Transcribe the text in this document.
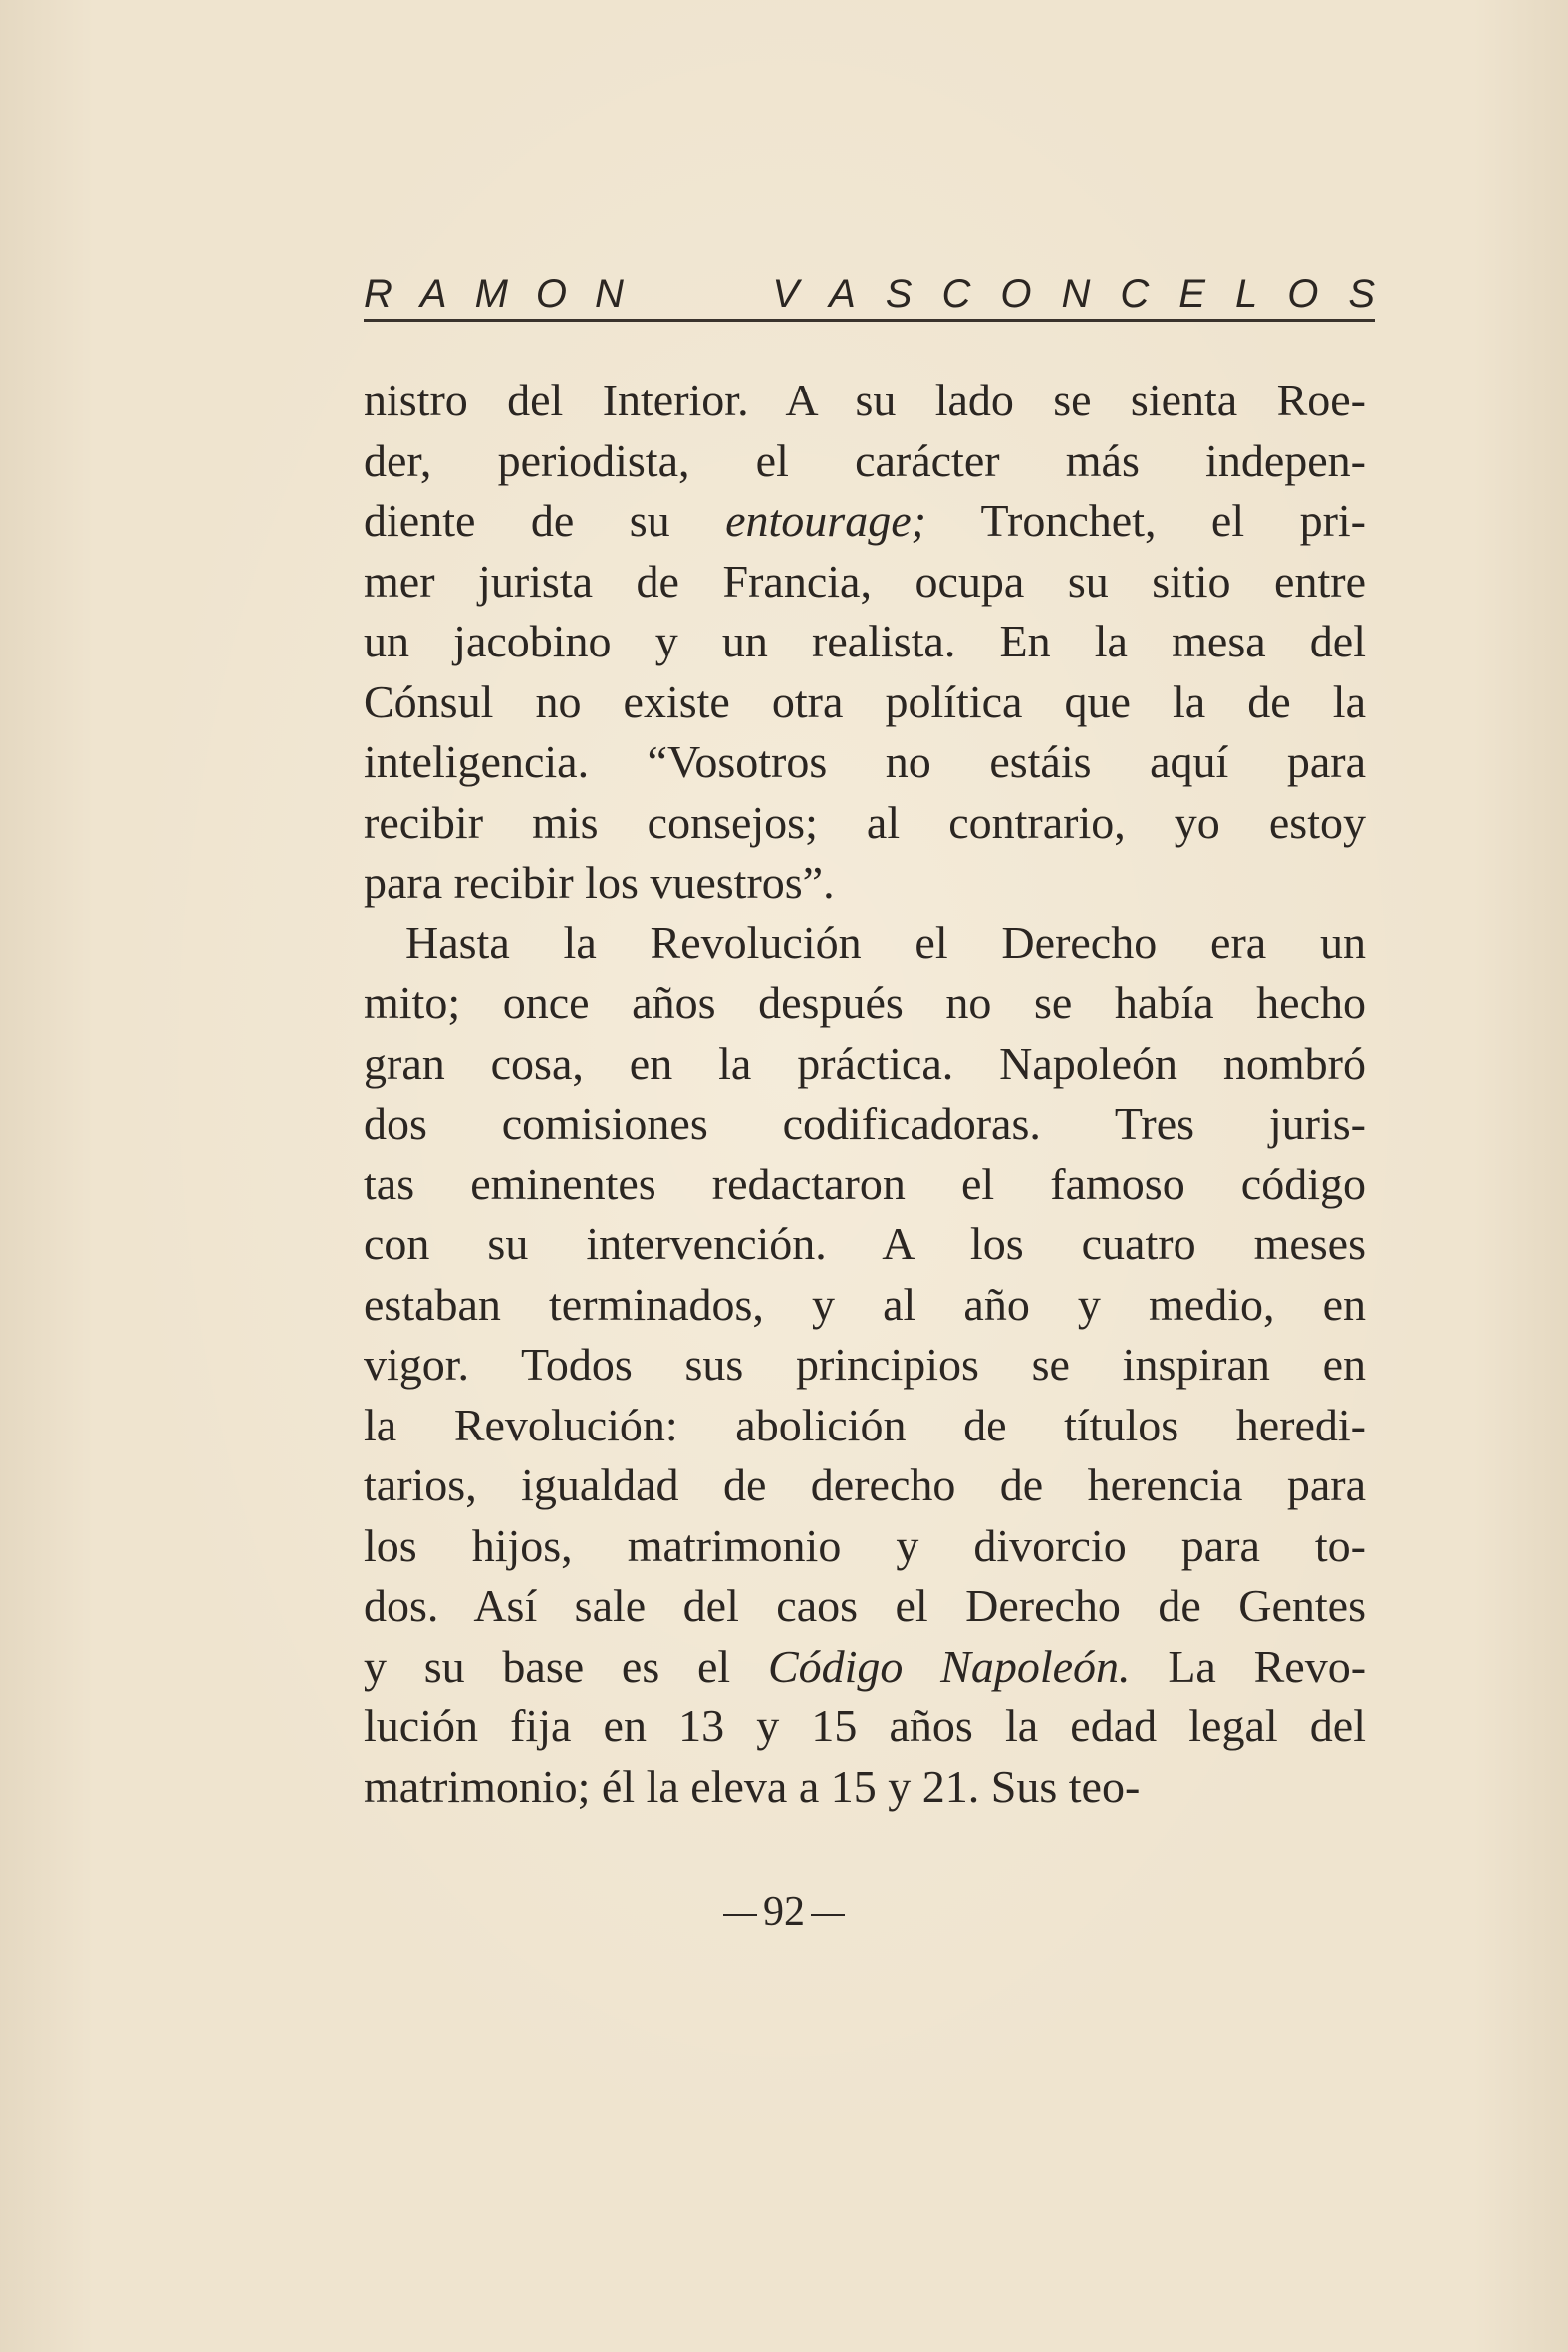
R A M O N	V A S C O N C E L O S
nistro del Interior. A su lado se sienta Roe-
der, periodista, el carácter más indepen-
diente de su entourage; Tronchet, el pri-
mer jurista de Francia, ocupa su sitio entre
un jacobino y un realista. En la mesa del
Cónsul no existe otra política que la de la
inteligencia. “Vosotros no estáis aquí para
recibir mis consejos; al contrario, yo estoy
para recibir los vuestros”.
Hasta la Revolución el Derecho era un
mito; once años después no se había hecho
gran cosa, en la práctica. Napoleón nombró
dos comisiones codificadoras. Tres juris-
tas eminentes redactaron el famoso código
con su intervención. A los cuatro meses
estaban terminados, y al año y medio, en
vigor. Todos sus principios se inspiran en
la Revolución: abolición de títulos heredi-
tarios, igualdad de derecho de herencia para
los hijos, matrimonio y divorcio para to-
dos. Así sale del caos el Derecho de Gentes
y su base es el Código Napoleón. La Revo-
lución fija en 13 y 15 años la edad legal del
matrimonio; él la eleva a 15 y 21. Sus teo-
92
